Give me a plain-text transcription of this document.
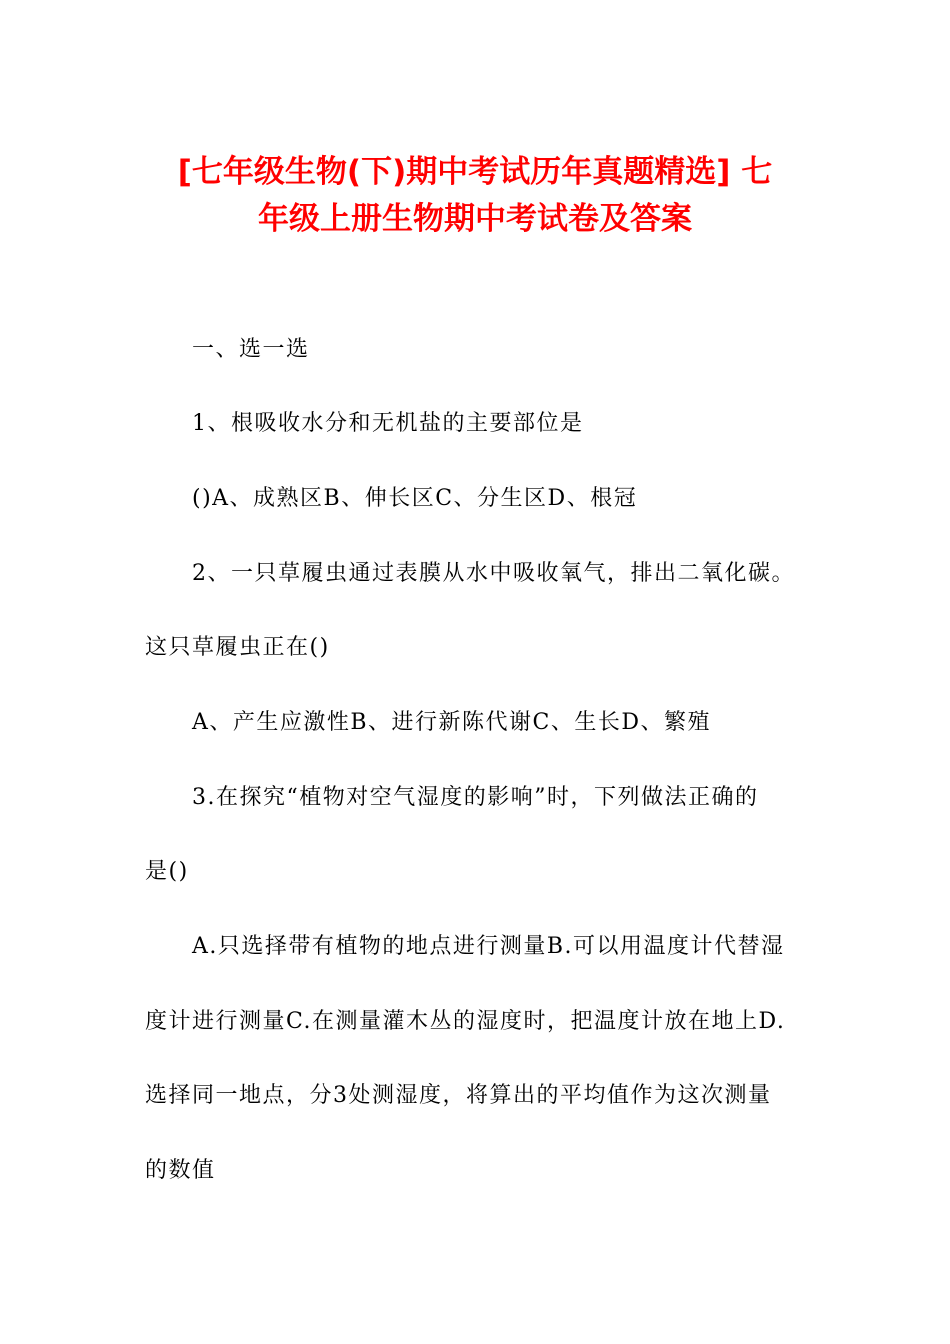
[七年级生物(下)期中考试历年真题精选] 七
年级上册生物期中考试卷及答案
一、选一选
1、根吸收水分和无机盐的主要部位是
()A、成熟区B、伸长区C、分生区D、根冠
2、一只草履虫通过表膜从水中吸收氧气，排出二氧化碳。
这只草履虫正在()
A、产生应激性B、进行新陈代谢C、生长D、繁殖
3.在探究“植物对空气湿度的影响”时，下列做法正确的
是()
A.只选择带有植物的地点进行测量B.可以用温度计代替湿
度计进行测量C.在测量灌木丛的湿度时，把温度计放在地上D.
选择同一地点，分3处测湿度，将算出的平均值作为这次测量
的数值
